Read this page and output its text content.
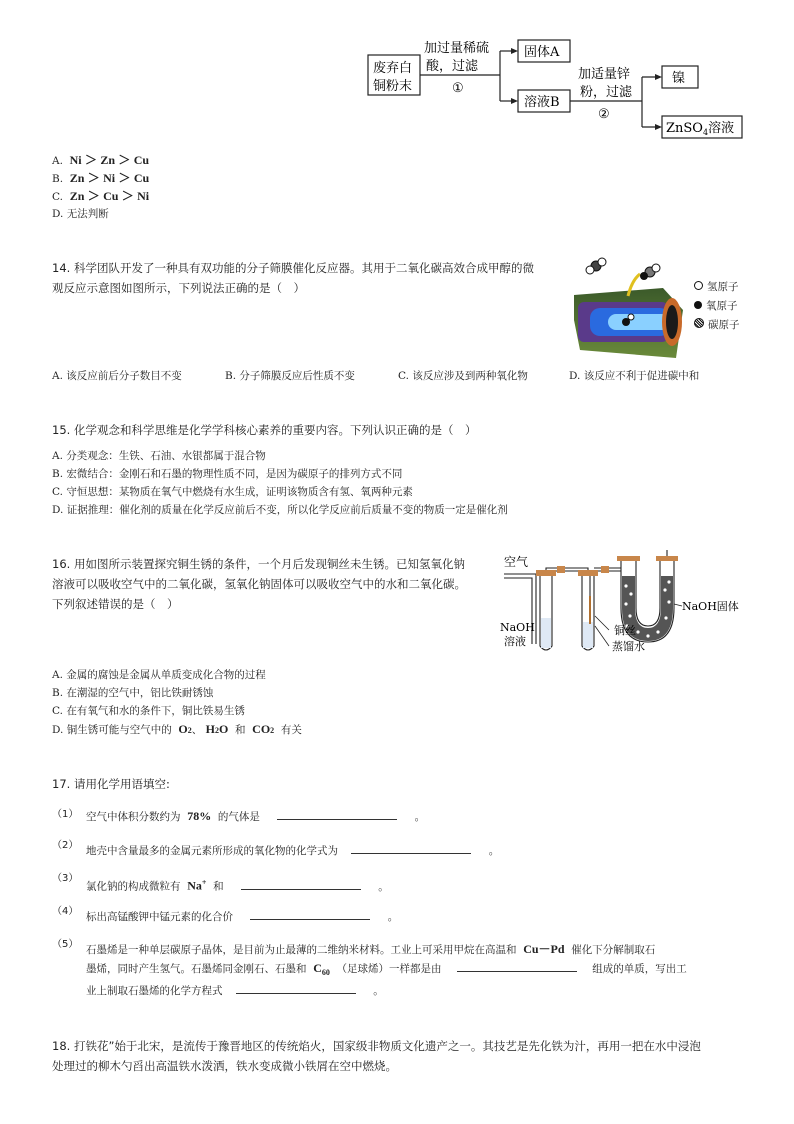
废弃白
铜粉末
加过量稀硫
酸，过滤
①
固体A
溶液B
加适量锌
粉，过滤
②
镍
ZnSO$_4$溶液
A. Ni ＞ Zn ＞ Cu
B. Zn ＞ Ni ＞ Cu
C. Zn ＞ Cu ＞ Ni
D. 无法判断
14. 科学团队开发了一种具有双功能的分子筛膜催化反应器。其用于二氧化碳高效合成甲醇的微
观反应示意图如图所示，下列说法正确的是（　）	氢原子
氧原子
碳原子
A. 该反应前后分子数目不变	B. 分子筛膜反应后性质不变	C. 该反应涉及到两种氧化物	D. 该反应不利于促进碳中和
15. 化学观念和科学思维是化学学科核心素养的重要内容。下列认识正确的是（　）
A. 分类观念：生铁、石油、水银都属于混合物
B. 宏微结合：金刚石和石墨的物理性质不同，是因为碳原子的排列方式不同
C. 守恒思想：某物质在氧气中燃烧有水生成，证明该物质含有氢、氧两种元素
D. 证据推理：催化剂的质量在化学反应前后不变，所以化学反应前后质量不变的物质一定是催化剂
16. 用如图所示装置探究铜生锈的条件，一个月后发现铜丝未生锈。已知氢氧化钠
溶液可以吸收空气中的二氧化碳，氢氧化钠固体可以吸收空气中的水和二氧化碳。
下列叙述错误的是（　）
空气
NaOH
溶液
铜丝
蒸馏水
NaOH固体
A. 金属的腐蚀是金属从单质变成化合物的过程
B. 在潮湿的空气中，铝比铁耐锈蚀
C. 在有氧气和水的条件下，铜比铁易生锈
D. 铜生锈可能与空气中的 O2、 H2O 和 CO2 有关
17. 请用化学用语填空:
（1） 空气中体积分数约为 78% 的气体是	。
（2） 地壳中含量最多的金属元素所形成的氧化物的化学式为	。
（3）
氯化钠的构成微粒有 Na+ 和	。
（4） 标出高锰酸钾中锰元素的化合价	。
（5） 石墨烯是一种单层碳原子晶体，是目前为止最薄的二维纳米材料。工业上可采用甲烷在高温和 Cu－Pd 催化下分解制取石
墨烯，同时产生氢气。石墨烯同金刚石、石墨和 $C_{60}$ （足球烯）一样都是由	组成的单质，写出工
业上制取石墨烯的化学方程式	。
18. 打铁花”始于北宋，是流传于豫晋地区的传统焰火，国家级非物质文化遗产之一。其技艺是先化铁为汁，再用一把在水中浸泡
处理过的柳木勺舀出高温铁水泼洒，铁水变成微小铁屑在空中燃烧。
